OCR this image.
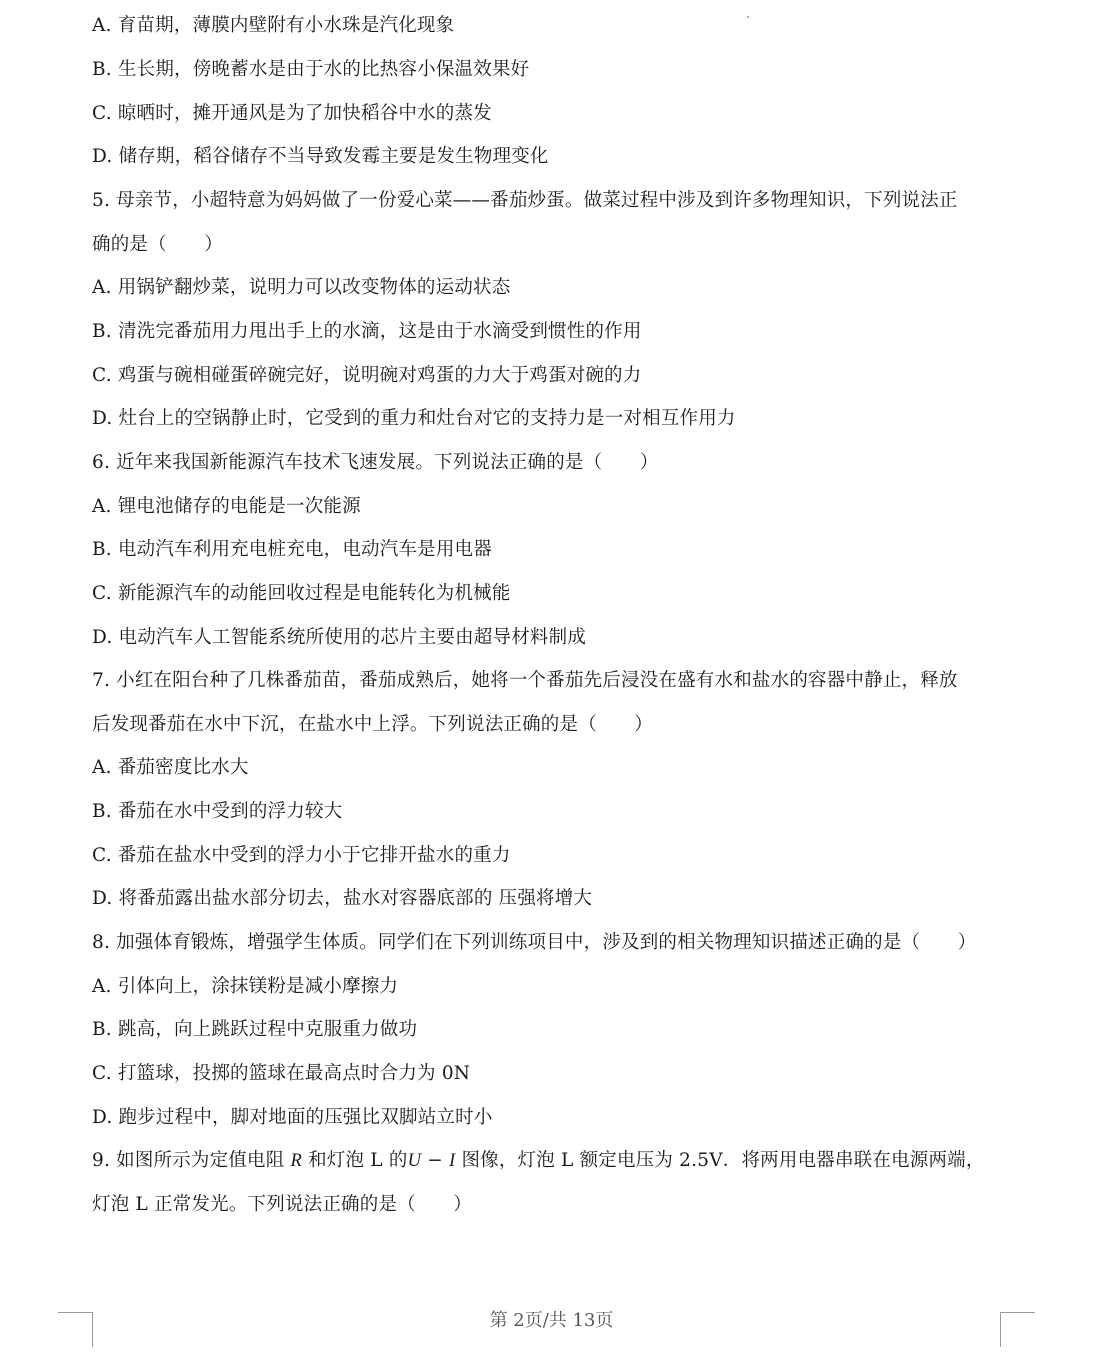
A. 育苗期，薄膜内壁附有小水珠是汽化现象
B. 生长期，傍晚蓄水是由于水的比热容小保温效果好
C. 晾晒时，摊开通风是为了加快稻谷中水的蒸发
D. 储存期，稻谷储存不当导致发霉主要是发生物理变化
5. 母亲节，小超特意为妈妈做了一份爱心菜——番茄炒蛋。做菜过程中涉及到许多物理知识，下列说法正
确的是（　　）
A. 用锅铲翻炒菜，说明力可以改变物体的运动状态
B. 清洗完番茄用力甩出手上的水滴，这是由于水滴受到惯性的作用
C. 鸡蛋与碗相碰蛋碎碗完好，说明碗对鸡蛋的力大于鸡蛋对碗的力
D. 灶台上的空锅静止时，它受到的重力和灶台对它的支持力是一对相互作用力
6. 近年来我国新能源汽车技术飞速发展。下列说法正确的是（　　）
A. 锂电池储存的电能是一次能源
B. 电动汽车利用充电桩充电，电动汽车是用电器
C. 新能源汽车的动能回收过程是电能转化为机械能
D. 电动汽车人工智能系统所使用的芯片主要由超导材料制成
7. 小红在阳台种了几株番茄苗，番茄成熟后，她将一个番茄先后浸没在盛有水和盐水的容器中静止，释放
后发现番茄在水中下沉，在盐水中上浮。下列说法正确的是（　　）
A. 番茄密度比水大
B. 番茄在水中受到的浮力较大
C. 番茄在盐水中受到的浮力小于它排开盐水的重力
D. 将番茄露出盐水部分切去，盐水对容器底部的 压强将增大
8. 加强体育锻炼，增强学生体质。同学们在下列训练项目中，涉及到的相关物理知识描述正确的是（　　）
A. 引体向上，涂抹镁粉是减小摩擦力
B. 跳高，向上跳跃过程中克服重力做功
C. 打篮球，投掷的篮球在最高点时合力为 0N
D. 跑步过程中，脚对地面的压强比双脚站立时小
9. 如图所示为定值电阻 R 和灯泡 L 的U − I 图像，灯泡 L 额定电压为 2.5V．将两用电器串联在电源两端，
灯泡 L 正常发光。下列说法正确的是（　　）
第 2页/共 13页
